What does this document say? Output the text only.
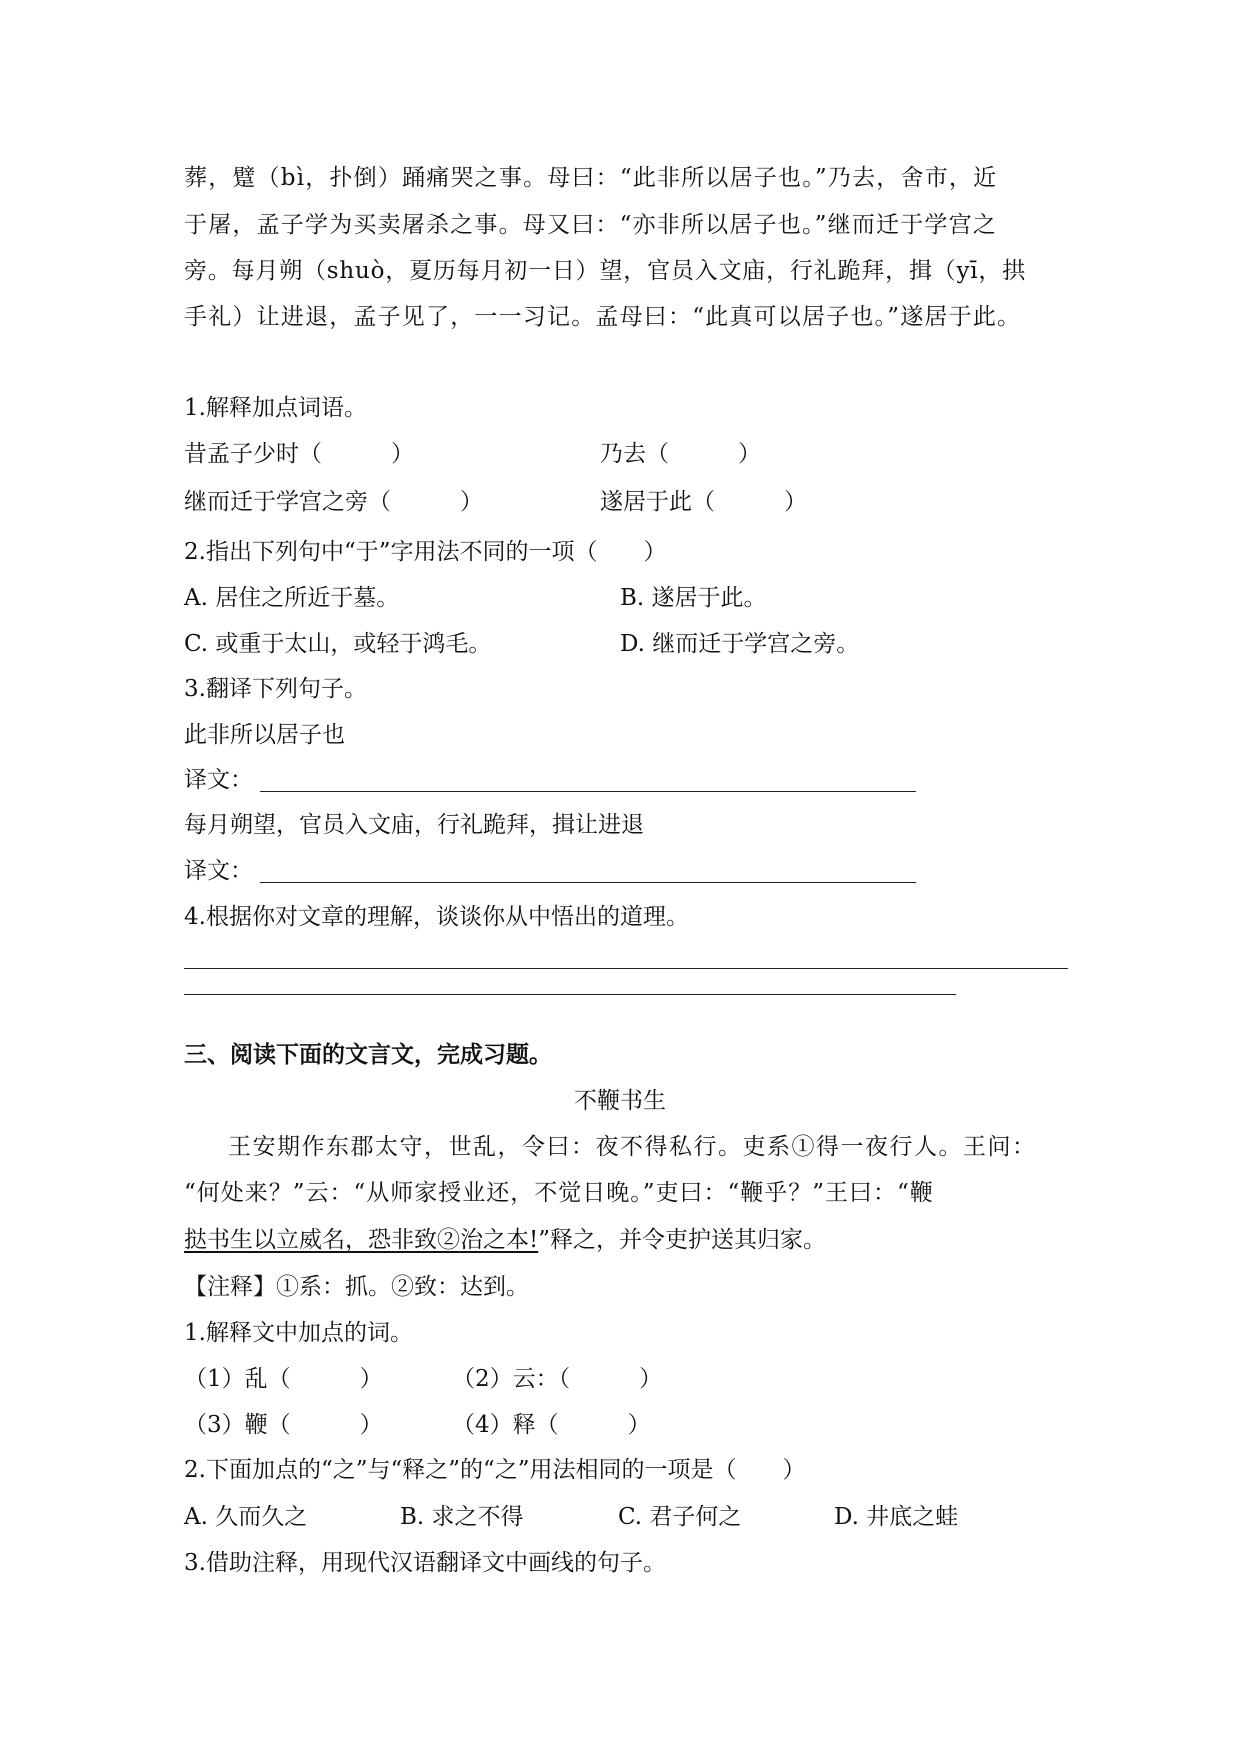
葬，躄（bì，扑倒）踊痛哭之事。母曰：“此非所以居子也。”乃去，舍市，近
于屠，孟子学为买卖屠杀之事。母又曰：“亦非所以居子也。”继而迁于学宫之
旁。每月朔（shuò，夏历每月初一日）望，官员入文庙，行礼跪拜，揖（yī，拱
手礼）让进退，孟子见了，一一习记。孟母曰：“此真可以居子也。”遂居于此。
1.解释加点词语。
昔孟子少时（　　　）	乃去（　　　）
继而迁于学宫之旁（　　　）	遂居于此（　　　）
2.指出下列句中“于”字用法不同的一项（　　）
A. 居住之所近于墓。	B. 遂居于此。
C. 或重于太山，或轻于鸿毛。	D. 继而迁于学宫之旁。
3.翻译下列句子。
此非所以居子也
译文：
每月朔望，官员入文庙，行礼跪拜，揖让进退
译文：
4.根据你对文章的理解，谈谈你从中悟出的道理。
三、阅读下面的文言文，完成习题。
不鞭书生
王安期作东郡太守，世乱，令曰：夜不得私行。吏系①得一夜行人。王问：
“何处来？”云：“从师家授业还，不觉日晚。”吏曰：“鞭乎？”王曰：“鞭
挞书生以立威名，恐非致②治之本!”释之，并令吏护送其归家。
【注释】①系：抓。②致：达到。
1.解释文中加点的词。
（1）乱（　　　）	（2）云：（　　　）
（3）鞭（　　　）	（4）释（　　　）
2.下面加点的“之”与“释之”的“之”用法相同的一项是（　　）
A. 久而久之	B. 求之不得	C. 君子何之	D. 井底之蛙
3.借助注释，用现代汉语翻译文中画线的句子。
